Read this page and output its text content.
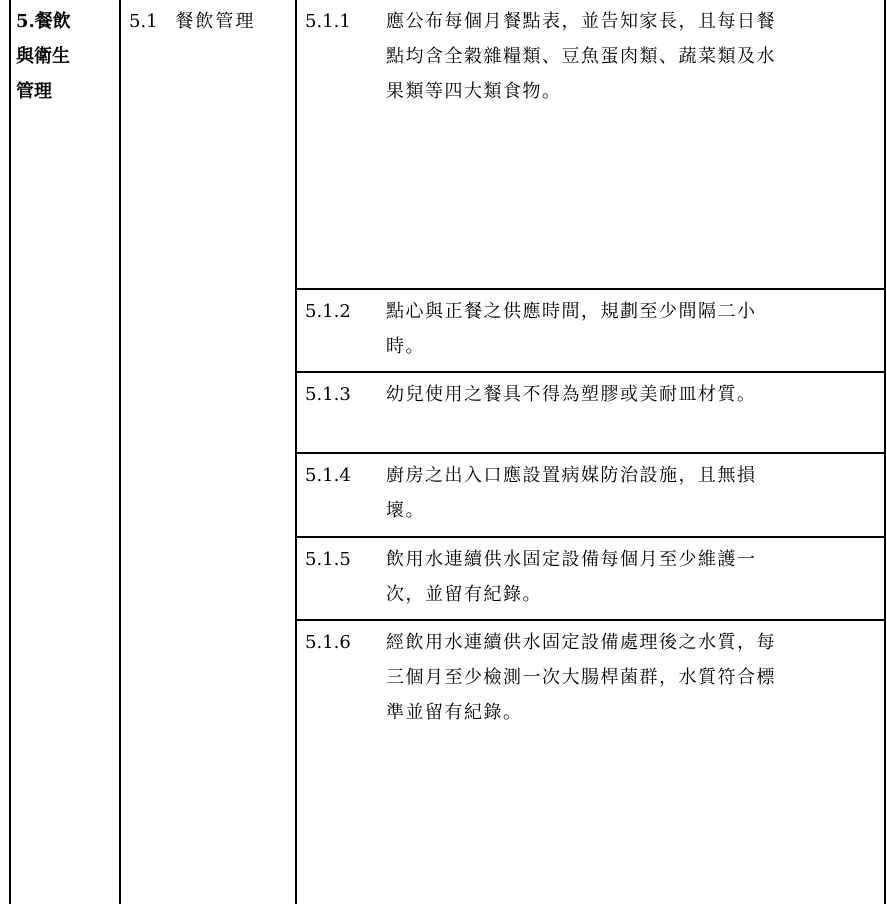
5.餐飲
與衛生
管理
5.1 餐飲管理	5.1.1 應公布每個月餐點表，並告知家長，且每日餐
點均含全穀雜糧類、豆魚蛋肉類、蔬菜類及水
果類等四大類食物。
5.1.2 點心與正餐之供應時間，規劃至少間隔二小
時。
5.1.3 幼兒使用之餐具不得為塑膠或美耐皿材質。
5.1.4 廚房之出入口應設置病媒防治設施，且無損
壞。
5.1.5 飲用水連續供水固定設備每個月至少維護一
次，並留有紀錄。
5.1.6 經飲用水連續供水固定設備處理後之水質，每
三個月至少檢測一次大腸桿菌群，水質符合標
準並留有紀錄。
